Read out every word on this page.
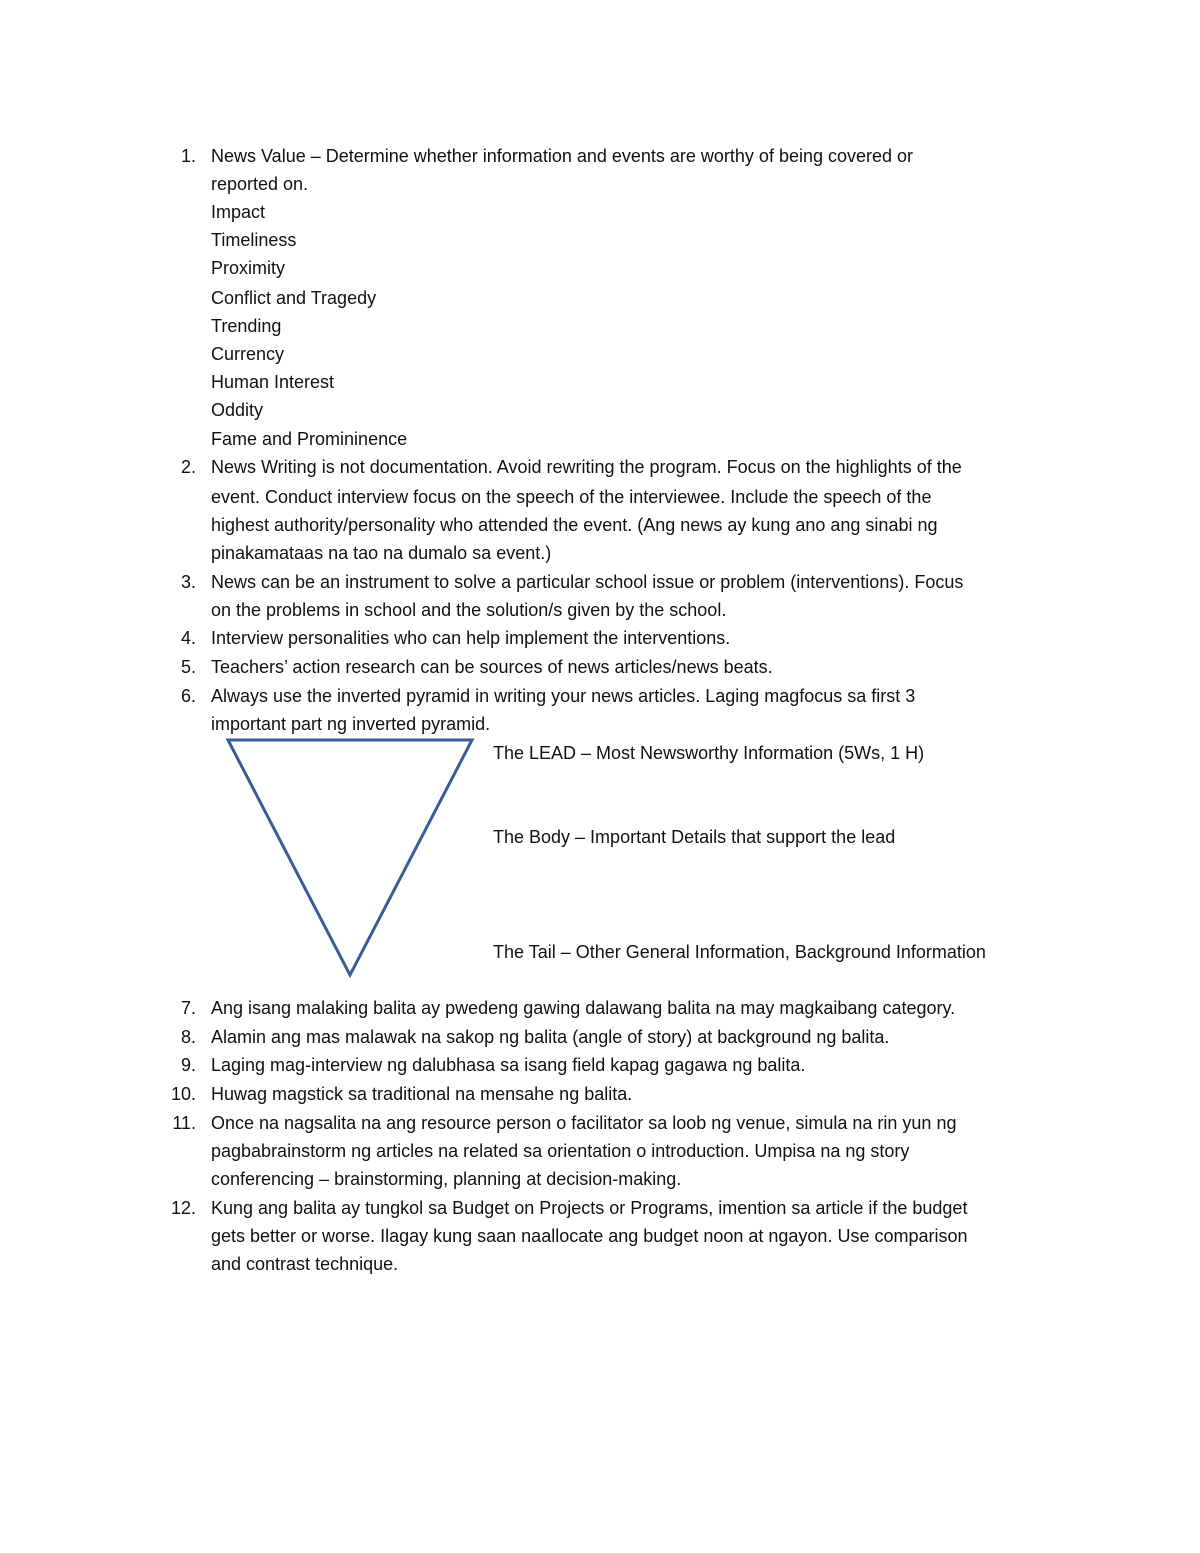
1. News Value – Determine whether information and events are worthy of being covered or
reported on.
Impact
Timeliness
Proximity
Conflict and Tragedy
Trending
Currency
Human Interest
Oddity
Fame and Promininence
2. News Writing is not documentation. Avoid rewriting the program. Focus on the highlights of the
event. Conduct interview focus on the speech of the interviewee. Include the speech of the
highest authority/personality who attended the event. (Ang news ay kung ano ang sinabi ng
pinakamataas na tao na dumalo sa event.)
3. News can be an instrument to solve a particular school issue or problem (interventions). Focus
on the problems in school and the solution/s given by the school.
4. Interview personalities who can help implement the interventions.
5. Teachers’ action research can be sources of news articles/news beats.
6. Always use the inverted pyramid in writing your news articles. Laging magfocus sa first 3
important part ng inverted pyramid.
The LEAD – Most Newsworthy Information (5Ws, 1 H)
The Body – Important Details that support the lead
The Tail – Other General Information, Background Information
7. Ang isang malaking balita ay pwedeng gawing dalawang balita na may magkaibang category.
8. Alamin ang mas malawak na sakop ng balita (angle of story) at background ng balita.
9. Laging mag-interview ng dalubhasa sa isang field kapag gagawa ng balita.
10. Huwag magstick sa traditional na mensahe ng balita.
11. Once na nagsalita na ang resource person o facilitator sa loob ng venue, simula na rin yun ng
pagbabrainstorm ng articles na related sa orientation o introduction. Umpisa na ng story
conferencing – brainstorming, planning at decision-making.
12. Kung ang balita ay tungkol sa Budget on Projects or Programs, imention sa article if the budget
gets better or worse. Ilagay kung saan naallocate ang budget noon at ngayon. Use comparison
and contrast technique.
